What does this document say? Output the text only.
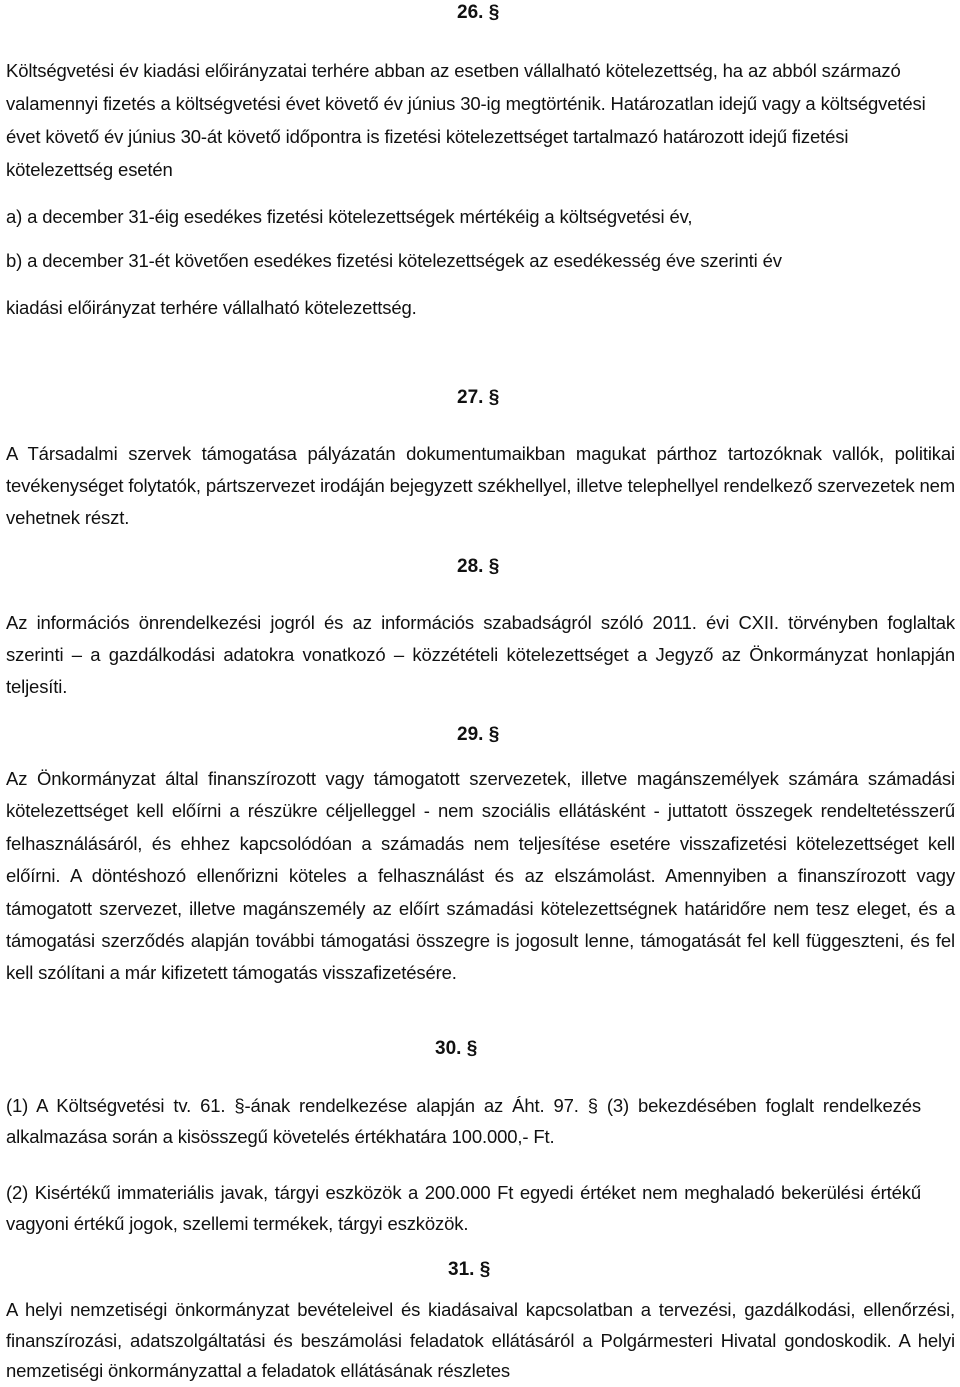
26. §
Költségvetési év kiadási előirányzatai terhére abban az esetben vállalható kötelezettség, ha az abból származó valamennyi fizetés a költségvetési évet követő év június 30-ig megtörténik. Határozatlan idejű vagy a költségvetési évet követő év június 30-át követő időpontra is fizetési kötelezettséget tartalmazó határozott idejű fizetési kötelezettség esetén
a) a december 31-éig esedékes fizetési kötelezettségek mértékéig a költségvetési év,
b) a december 31-ét követően esedékes fizetési kötelezettségek az esedékesség éve szerinti év
kiadási előirányzat terhére vállalható kötelezettség.
27. §
A Társadalmi szervek támogatása pályázatán dokumentumaikban magukat párthoz tartozóknak vallók, politikai tevékenységet folytatók, pártszervezet irodáján bejegyzett székhellyel, illetve telephellyel rendelkező szervezetek nem vehetnek részt.
28. §
Az információs önrendelkezési jogról és az információs szabadságról szóló 2011. évi CXII. törvényben foglaltak szerinti – a gazdálkodási adatokra vonatkozó – közzétételi kötelezettséget a Jegyző az Önkormányzat honlapján teljesíti.
29. §
Az Önkormányzat által finanszírozott vagy támogatott szervezetek, illetve magánszemélyek számára számadási kötelezettséget kell előírni a részükre céljelleggel - nem szociális ellátásként - juttatott összegek rendeltetésszerű felhasználásáról, és ehhez kapcsolódóan a számadás nem teljesítése esetére visszafizetési kötelezettséget kell előírni. A döntéshozó ellenőrizni köteles a felhasználást és az elszámolást. Amennyiben a finanszírozott vagy támogatott szervezet, illetve magánszemély az előírt számadási kötelezettségnek határidőre nem tesz eleget, és a támogatási szerződés alapján további támogatási összegre is jogosult lenne, támogatását fel kell függeszteni, és fel kell szólítani a már kifizetett támogatás visszafizetésére.
30. §
(1) A Költségvetési tv. 61. §-ának rendelkezése alapján az Áht. 97. § (3) bekezdésében foglalt rendelkezés alkalmazása során a kisösszegű követelés értékhatára 100.000,- Ft.
(2) Kisértékű immateriális javak, tárgyi eszközök a 200.000 Ft egyedi értéket nem meghaladó bekerülési értékű vagyoni értékű jogok, szellemi termékek, tárgyi eszközök.
31. §
A helyi nemzetiségi önkormányzat bevételeivel és kiadásaival kapcsolatban a tervezési, gazdálkodási, ellenőrzési, finanszírozási, adatszolgáltatási és beszámolási feladatok ellátásáról a Polgármesteri Hivatal gondoskodik. A helyi nemzetiségi önkormányzattal a feladatok ellátásának részletes
